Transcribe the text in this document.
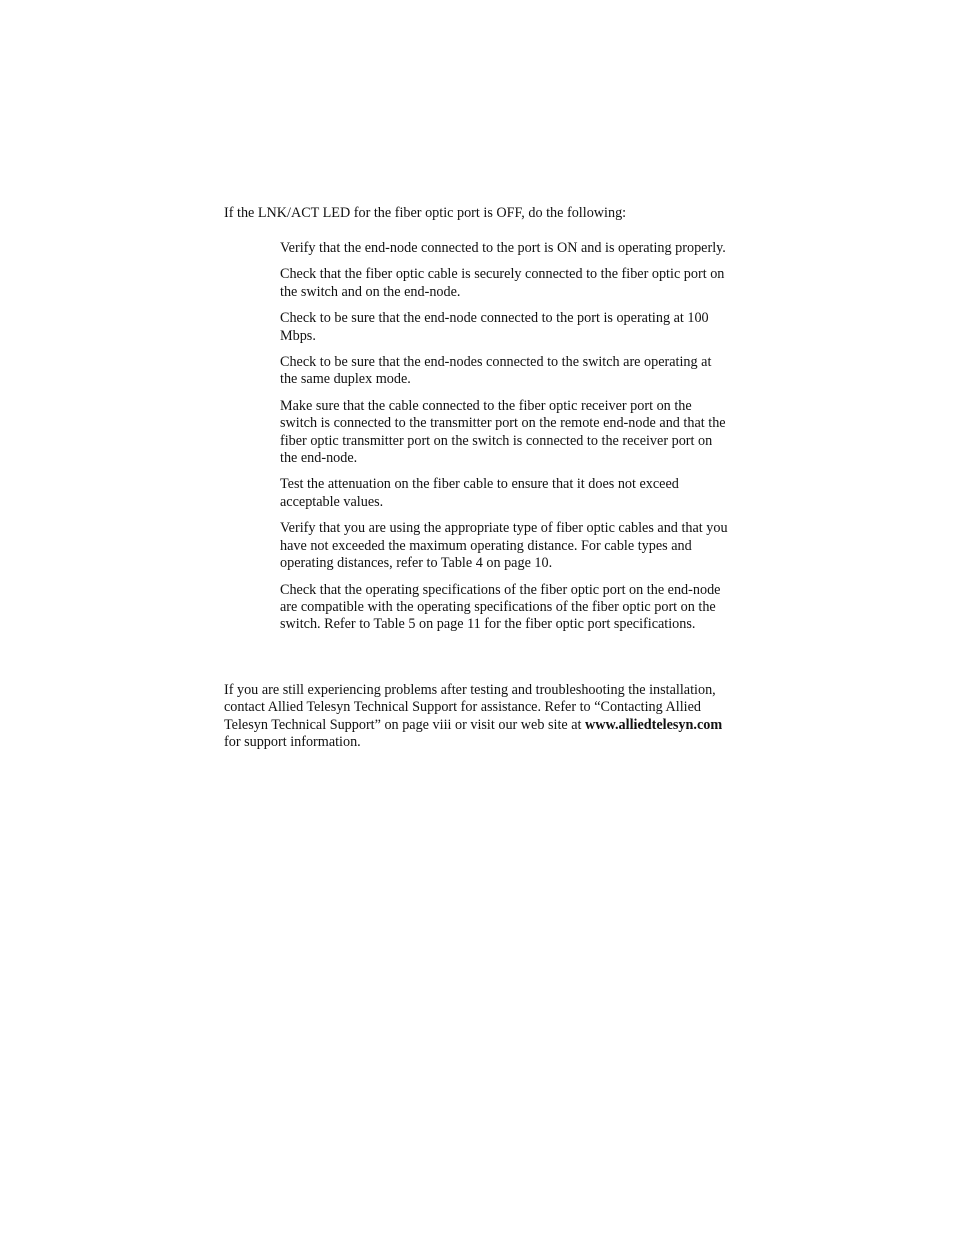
If the LNK/ACT LED for the fiber optic port is OFF, do the following:

Verify that the end-node connected to the port is ON and is operating properly.
Check that the fiber optic cable is securely connected to the fiber optic port on the switch and on the end-node.
Check to be sure that the end-node connected to the port is operating at 100 Mbps.
Check to be sure that the end-nodes connected to the switch are operating at the same duplex mode.
Make sure that the cable connected to the fiber optic receiver port on the switch is connected to the transmitter port on the remote end-node and that the fiber optic transmitter port on the switch is connected to the receiver port on the end-node.
Test the attenuation on the fiber cable to ensure that it does not exceed acceptable values.
Verify that you are using the appropriate type of fiber optic cables and that you have not exceeded the maximum operating distance. For cable types and operating distances, refer to Table 4 on page 10.
Check that the operating specifications of the fiber optic port on the end-node are compatible with the operating specifications of the fiber optic port on the switch. Refer to Table 5 on page 11 for the fiber optic port specifications.

If you are still experiencing problems after testing and troubleshooting the installation, contact Allied Telesyn Technical Support for assistance. Refer to “Contacting Allied Telesyn Technical Support” on page viii or visit our web site at www.alliedtelesyn.com for support information.
